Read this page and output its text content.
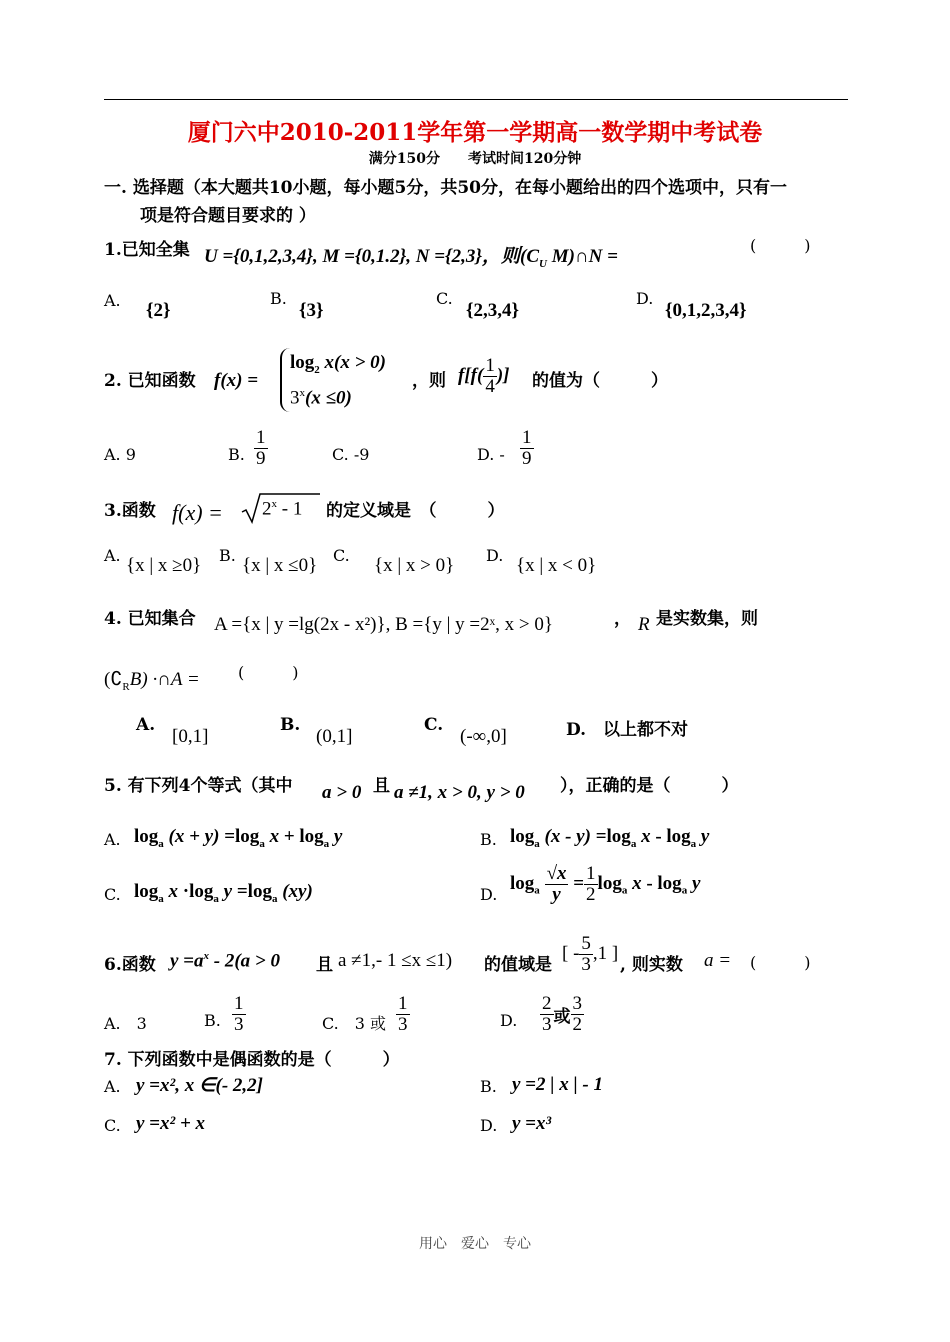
厦门六中2010-2011学年第一学期高一数学期中考试卷
满分150分　　考试时间120分钟
一. 选择题（本大题共10小题，每小题5分，共50分，在每小题给出的四个选项中，只有一
项是符合题目要求的 ）
1.已知全集 U ={0,1,2,3,4}, M ={0,1.2}, N ={2,3}，则($C_U$ M)∩N =
(　　　)
A. {2}
B.
{3}
C.
{2,3,4}
D.
{0,1,2,3,4}
2. 已知函数 f(x) =
$\log_2 x(x > 0)$
$3^x(x \le 0)$
，则 $f[f( \frac{1}{4}$ )] 的值为（　　　）
A. 9	B. $\frac{1}{9}$	C. -9	D. - $\frac{1}{9}$
3.函数 $f(x) = 2^x - 1$ 的定义域是　（　　　）
A. {x | x ≥0} B. {x | x ≤0} C. {x | x > 0} D. {x | x < 0}
4. 已知集合 A ={x | y =lg(2x - x²)}, B ={y | y =2ˣ, x > 0}	， R 是实数集，则
$(∁_RB)$ ·∩A = (　　　)
A.
[0,1]
B.
(0,1]
C.
(-∞,0]	D.　以上都不对
5. 有下列4个等式（其中 a > 0 且 a ≠1, x > 0, y > 0 ），正确的是（　　　）
A. $\log_a (x + y) =\log_a$ $x + \log_a y$	B. $\log_a (x - y) =\log_a$ x - $\log_a y$
C. $\log_a x \cdot\log_a$ $y =\log_a$ (xy)	D.
$\log_a \frac{√x}{y} = \frac{1}{2} \log_a x - \log_a y$
6.函数 $y =a^x - 2(a > 0$ 且 a ≠1,- 1 ≤x ≤1) 的值域是
[ - $\frac{5}{3} ,1$ ]
, 则实数 a = (　　　)
A.　3	B. $\frac{1}{3}$	C.　3 或 $\frac{1}{3}$	D. $\frac{2}{3}$ 或 $\frac{3}{2}$
7. 下列函数中是偶函数的是（　　　）
A. y =x², x ∈(- 2,2]	B. y =2 | x | - 1
C. y =x² + x	D. y =x³
用心　爱心　专心
